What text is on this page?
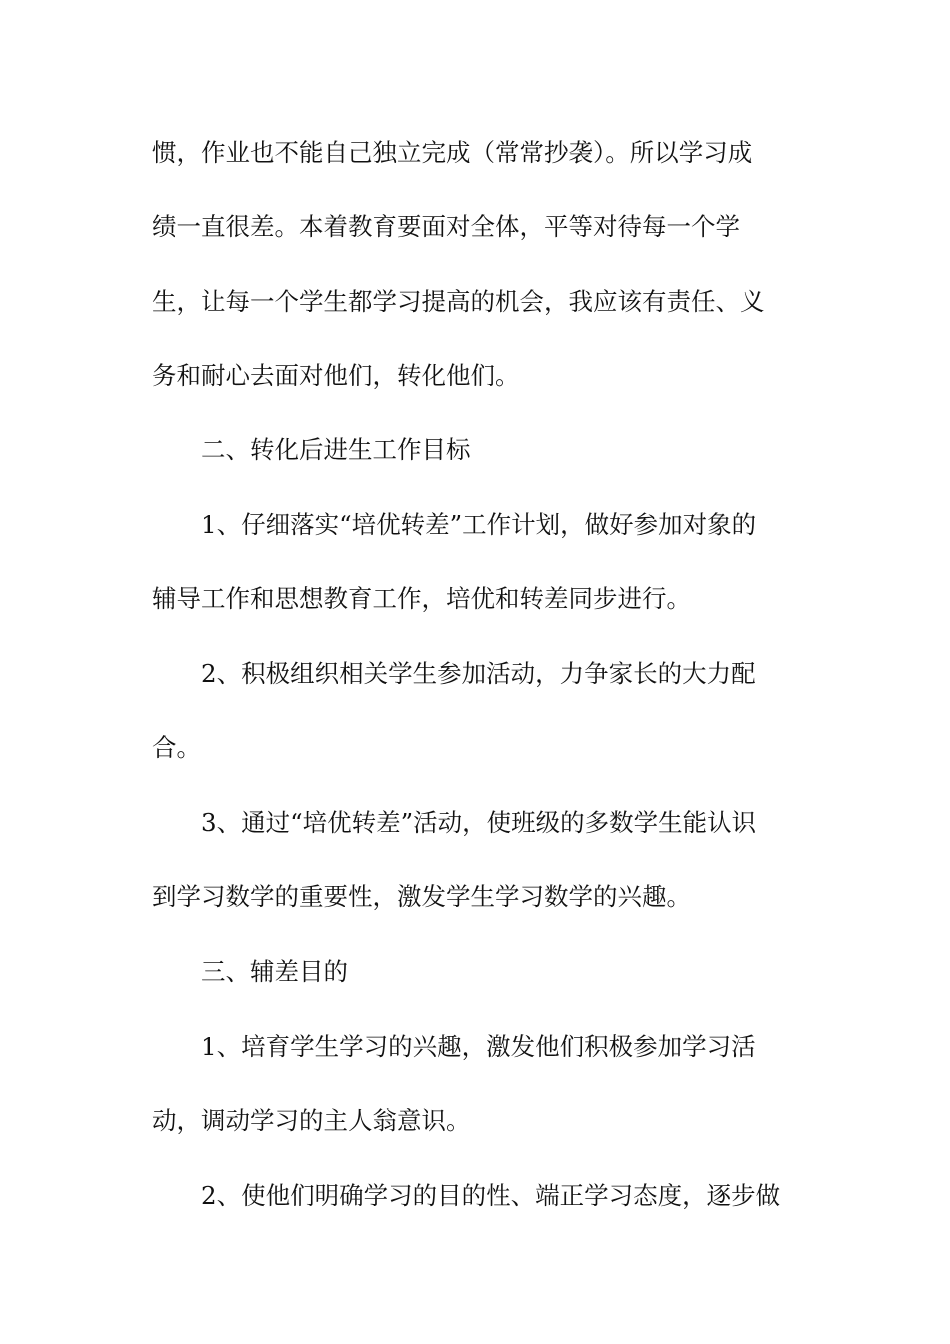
惯，作业也不能自己独立完成（常常抄袭）。所以学习成
绩一直很差。本着教育要面对全体，平等对待每一个学
生，让每一个学生都学习提高的机会，我应该有责任、义
务和耐心去面对他们，转化他们。
二、转化后进生工作目标
1、仔细落实“培优转差”工作计划，做好参加对象的
辅导工作和思想教育工作，培优和转差同步进行。
2、积极组织相关学生参加活动，力争家长的大力配
合。
3、通过“培优转差”活动，使班级的多数学生能认识
到学习数学的重要性，激发学生学习数学的兴趣。
三、辅差目的
1、培育学生学习的兴趣，激发他们积极参加学习活
动，调动学习的主人翁意识。
2、使他们明确学习的目的性、端正学习态度，逐步做
